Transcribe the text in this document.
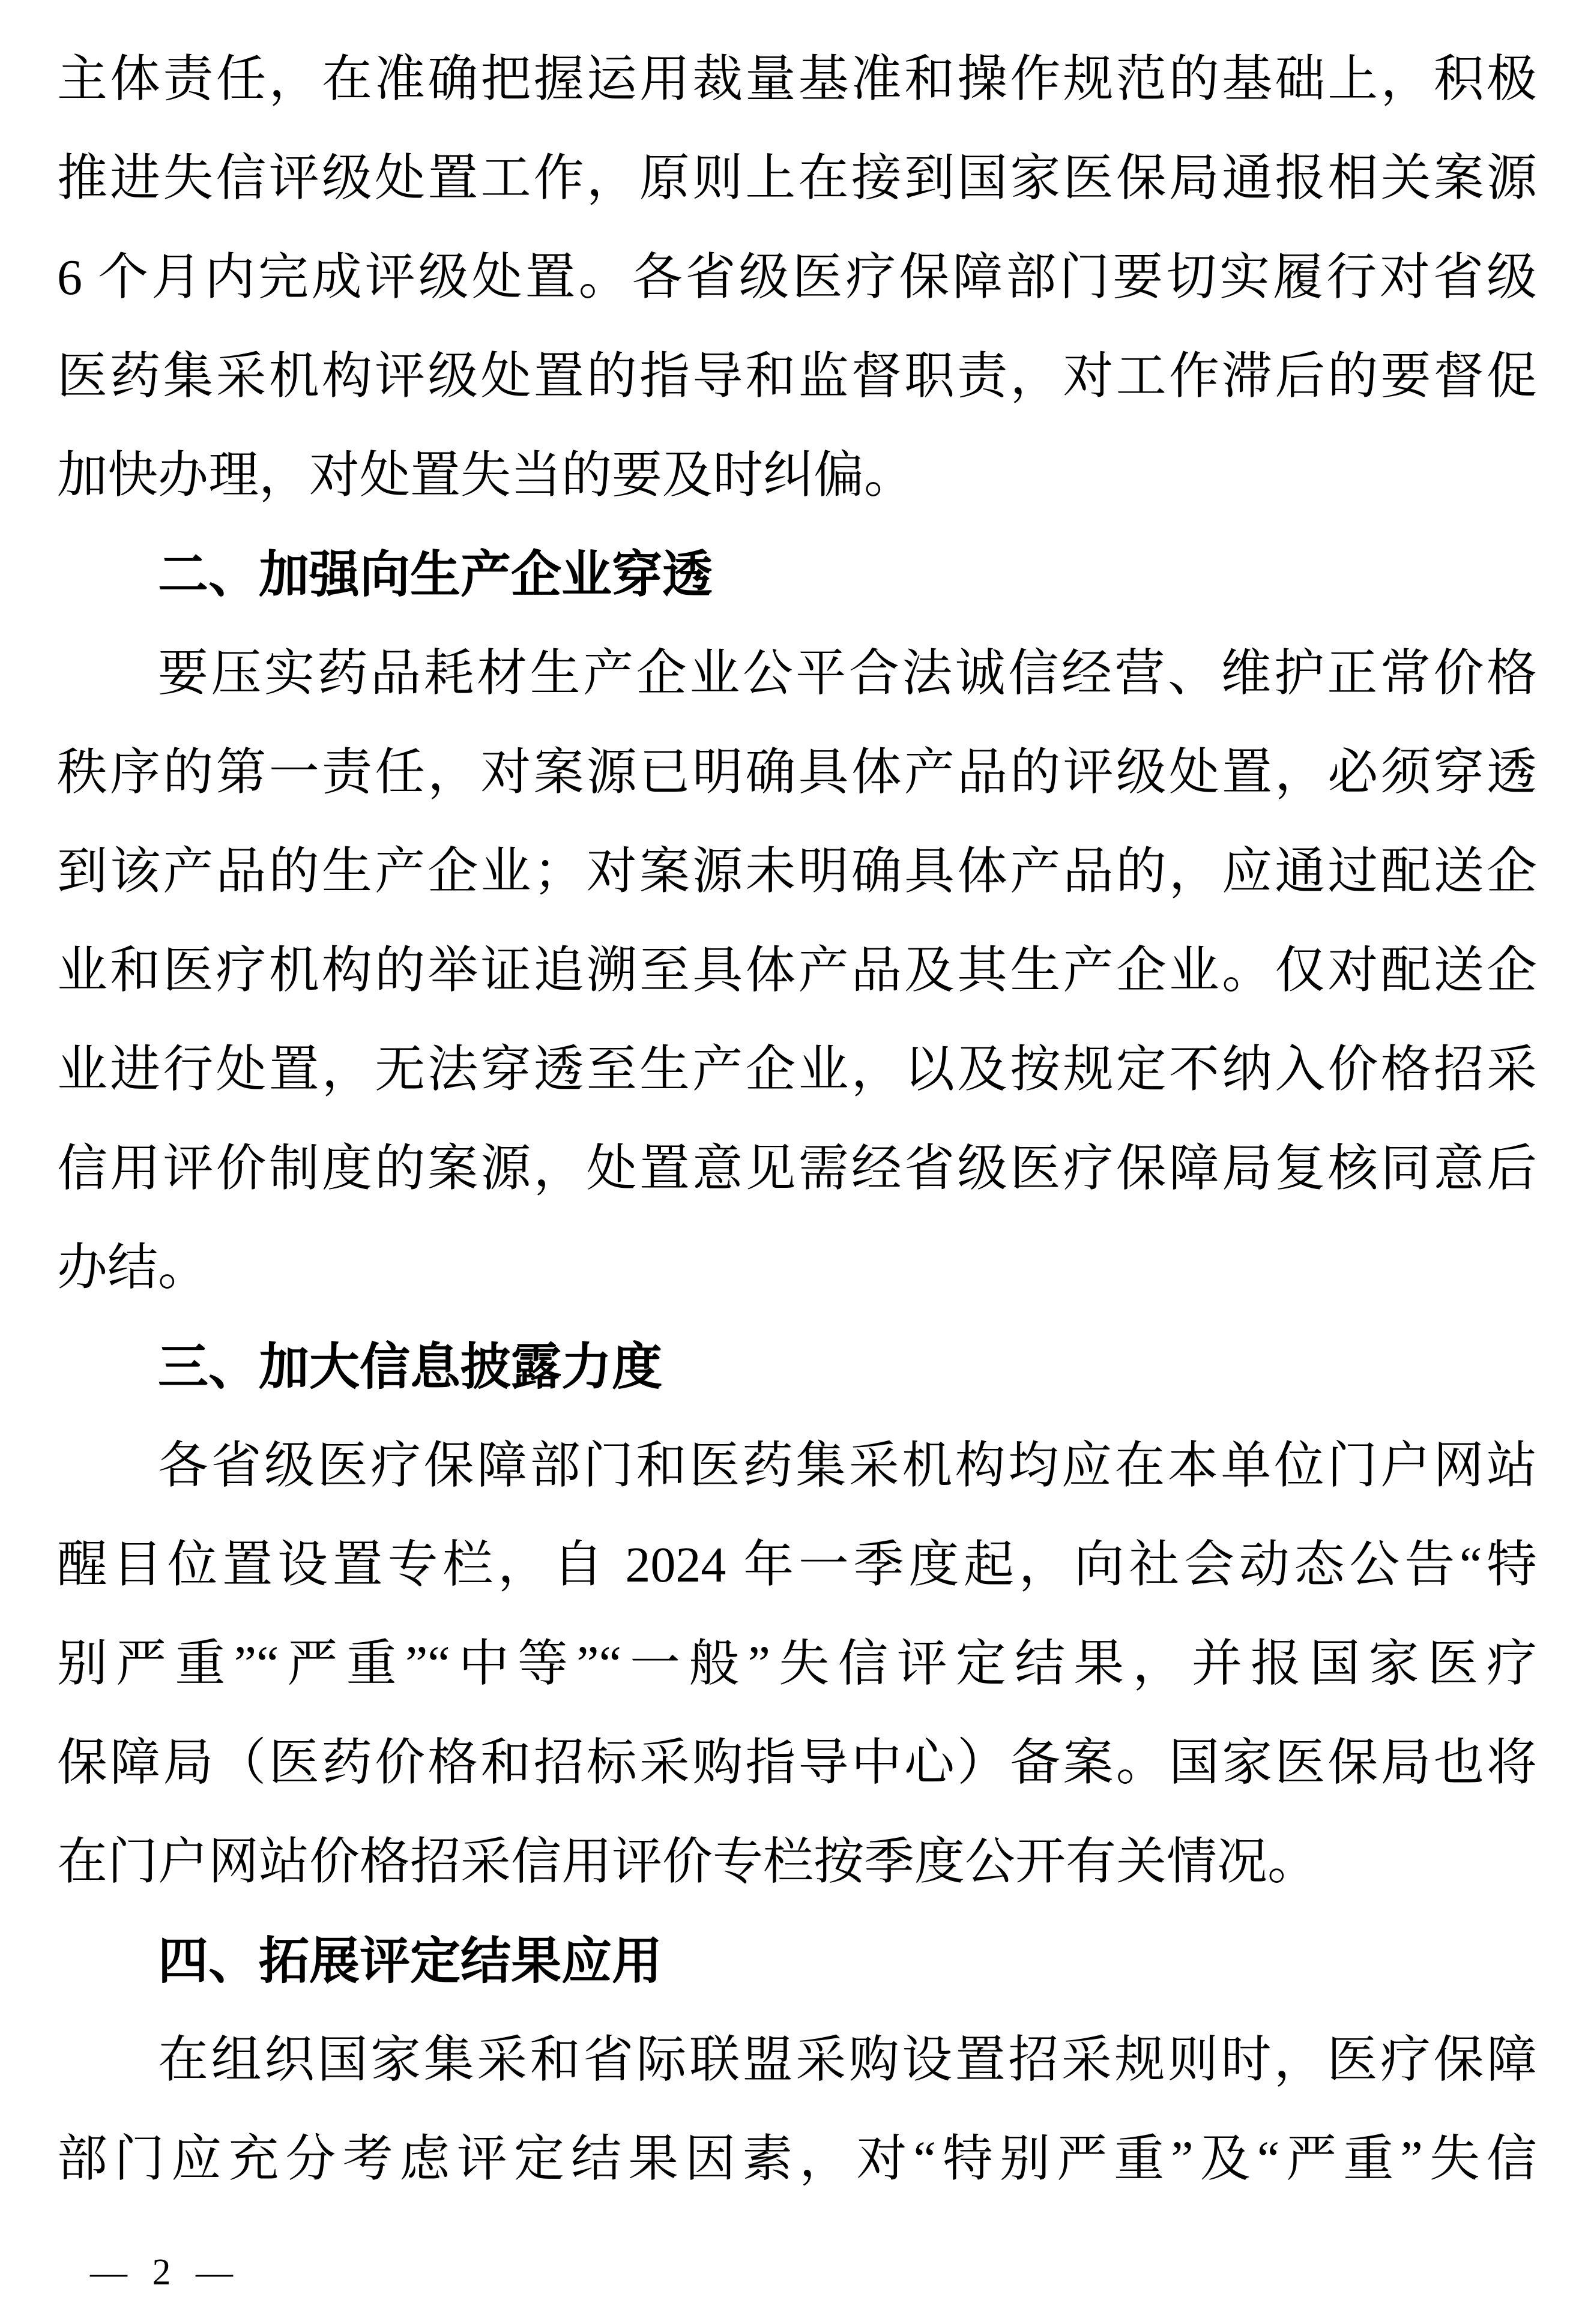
主体责任，在准确把握运用裁量基准和操作规范的基础上，积极
推进失信评级处置工作，原则上在接到国家医保局通报相关案源
6 个月内完成评级处置。各省级医疗保障部门要切实履行对省级
医药集采机构评级处置的指导和监督职责，对工作滞后的要督促
加快办理，对处置失当的要及时纠偏。
二、加强向生产企业穿透
要压实药品耗材生产企业公平合法诚信经营、维护正常价格
秩序的第一责任，对案源已明确具体产品的评级处置，必须穿透
到该产品的生产企业；对案源未明确具体产品的，应通过配送企
业和医疗机构的举证追溯至具体产品及其生产企业。仅对配送企
业进行处置，无法穿透至生产企业，以及按规定不纳入价格招采
信用评价制度的案源，处置意见需经省级医疗保障局复核同意后
办结。
三、加大信息披露力度
各省级医疗保障部门和医药集采机构均应在本单位门户网站
醒目位置设置专栏，自 2024 年一季度起，向社会动态公告“特
别严重”“严重”“中等”“一般”失信评定结果，并报国家医疗
保障局（医药价格和招标采购指导中心）备案。国家医保局也将
在门户网站价格招采信用评价专栏按季度公开有关情况。
四、拓展评定结果应用
在组织国家集采和省际联盟采购设置招采规则时，医疗保障
部门应充分考虑评定结果因素，对“特别严重”及“严重”失信
— 2 —
